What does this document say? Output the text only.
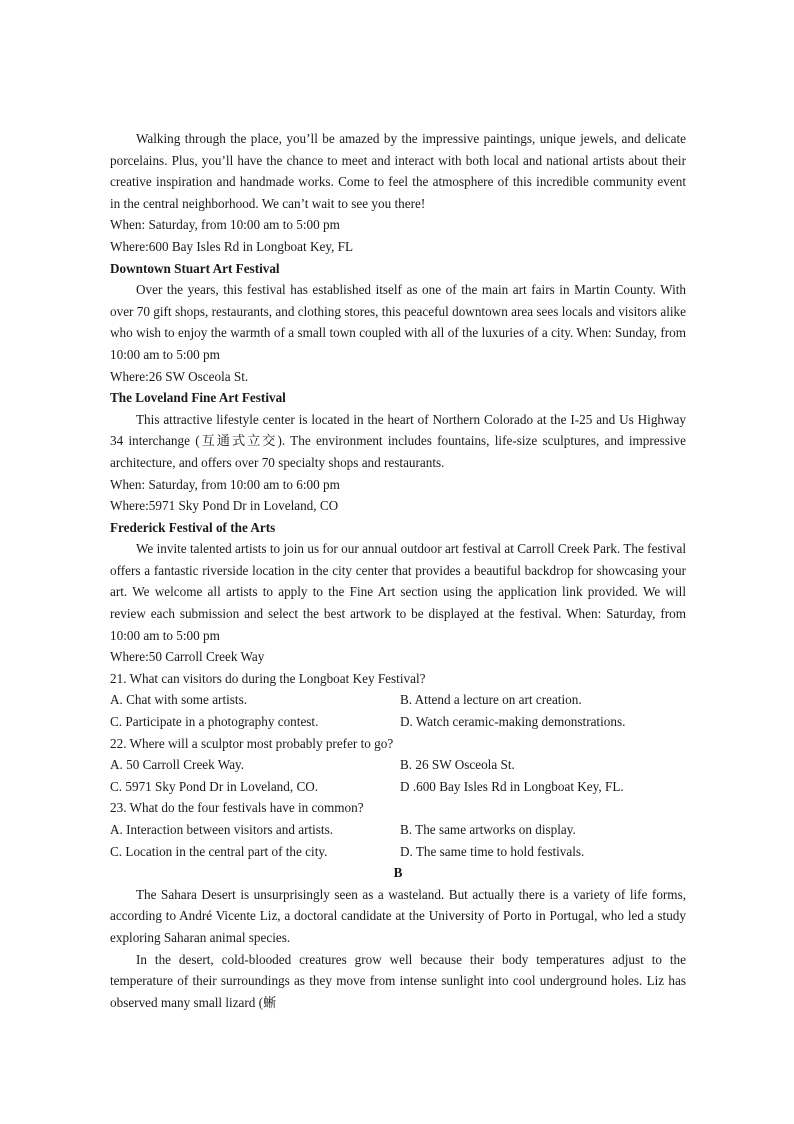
Walking through the place, you’ll be amazed by the impressive paintings, unique jewels, and delicate porcelains. Plus, you’ll have the chance to meet and interact with both local and national artists about their creative inspiration and handmade works. Come to feel the atmosphere of this incredible community event in the central neighborhood. We can’t wait to see you there!

When: Saturday, from 10:00 am to 5:00 pm

Where:600 Bay Isles Rd in Longboat Key, FL

Downtown Stuart Art Festival

Over the years, this festival has established itself as one of the main art fairs in Martin County. With over 70 gift shops, restaurants, and clothing stores, this peaceful downtown area sees locals and visitors alike who wish to enjoy the warmth of a small town coupled with all of the luxuries of a city. When: Sunday, from 10:00 am to 5:00 pm

Where:26 SW Osceola St.

The Loveland Fine Art Festival

This attractive lifestyle center is located in the heart of Northern Colorado at the I-25 and Us Highway 34 interchange (互通式立交). The environment includes fountains, life-size sculptures, and impressive architecture, and offers over 70 specialty shops and restaurants.

When: Saturday, from 10:00 am to 6:00 pm

Where:5971 Sky Pond Dr in Loveland, CO

Frederick Festival of the Arts

We invite talented artists to join us for our annual outdoor art festival at Carroll Creek Park. The festival offers a fantastic riverside location in the city center that provides a beautiful backdrop for showcasing your art. We welcome all artists to apply to the Fine Art section using the application link provided. We will review each submission and select the best artwork to be displayed at the festival. When: Saturday, from 10:00 am to 5:00 pm

Where:50 Carroll Creek Way

21. What can visitors do during the Longboat Key Festival?

A. Chat with some artists.	B. Attend a lecture on art creation.
C. Participate in a photography contest.	D. Watch ceramic-making demonstrations.

22. Where will a sculptor most probably prefer to go?

A. 50 Carroll Creek Way.	B. 26 SW Osceola St.
C. 5971 Sky Pond Dr in Loveland, CO.	D .600 Bay Isles Rd in Longboat Key, FL.

23. What do the four festivals have in common?

A. Interaction between visitors and artists.	B. The same artworks on display.
C. Location in the central part of the city.	D. The same time to hold festivals.

B

The Sahara Desert is unsurprisingly seen as a wasteland. But actually there is a variety of life forms, according to André Vicente Liz, a doctoral candidate at the University of Porto in Portugal, who led a study exploring Saharan animal species.

In the desert, cold-blooded creatures grow well because their body temperatures adjust to the temperature of their surroundings as they move from intense sunlight into cool underground holes. Liz has observed many small lizard (蜥
